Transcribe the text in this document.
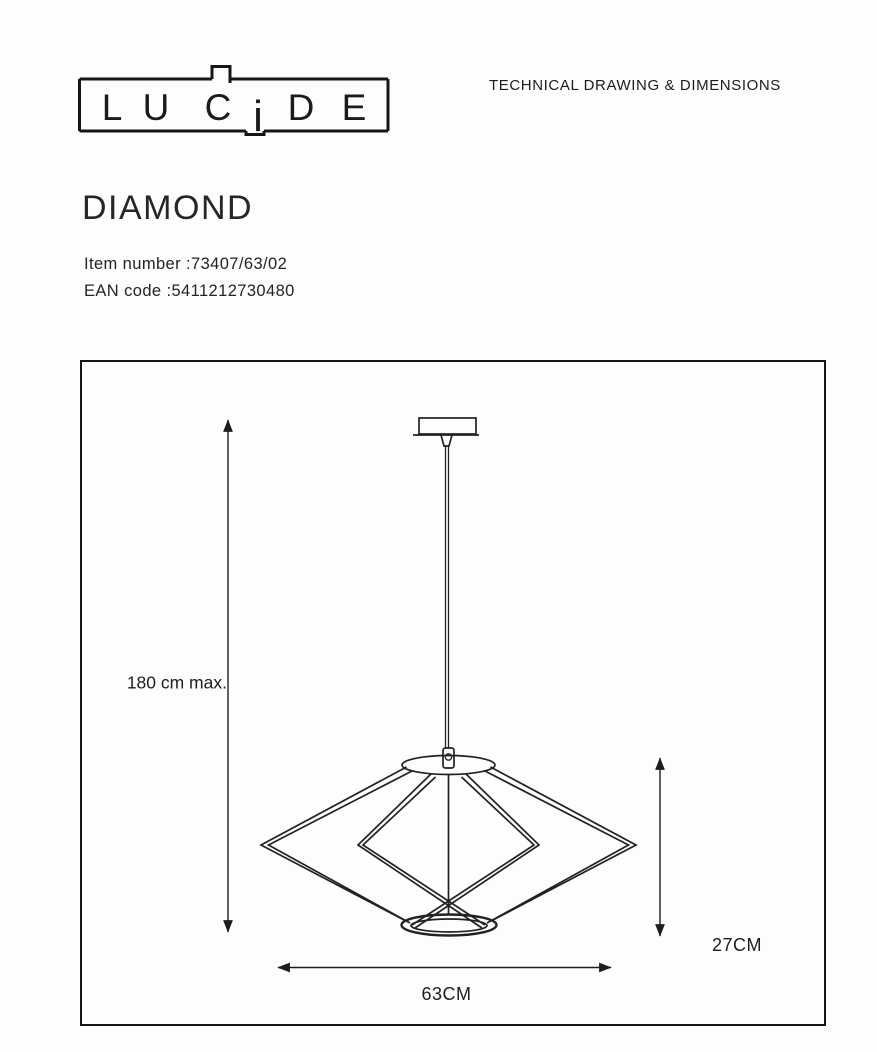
L U C i D E
TECHNICAL DRAWING & DIMENSIONS
DIAMOND
Item number :73407/63/02
EAN code :5411212730480
180 cm max.
27CM
63CM
